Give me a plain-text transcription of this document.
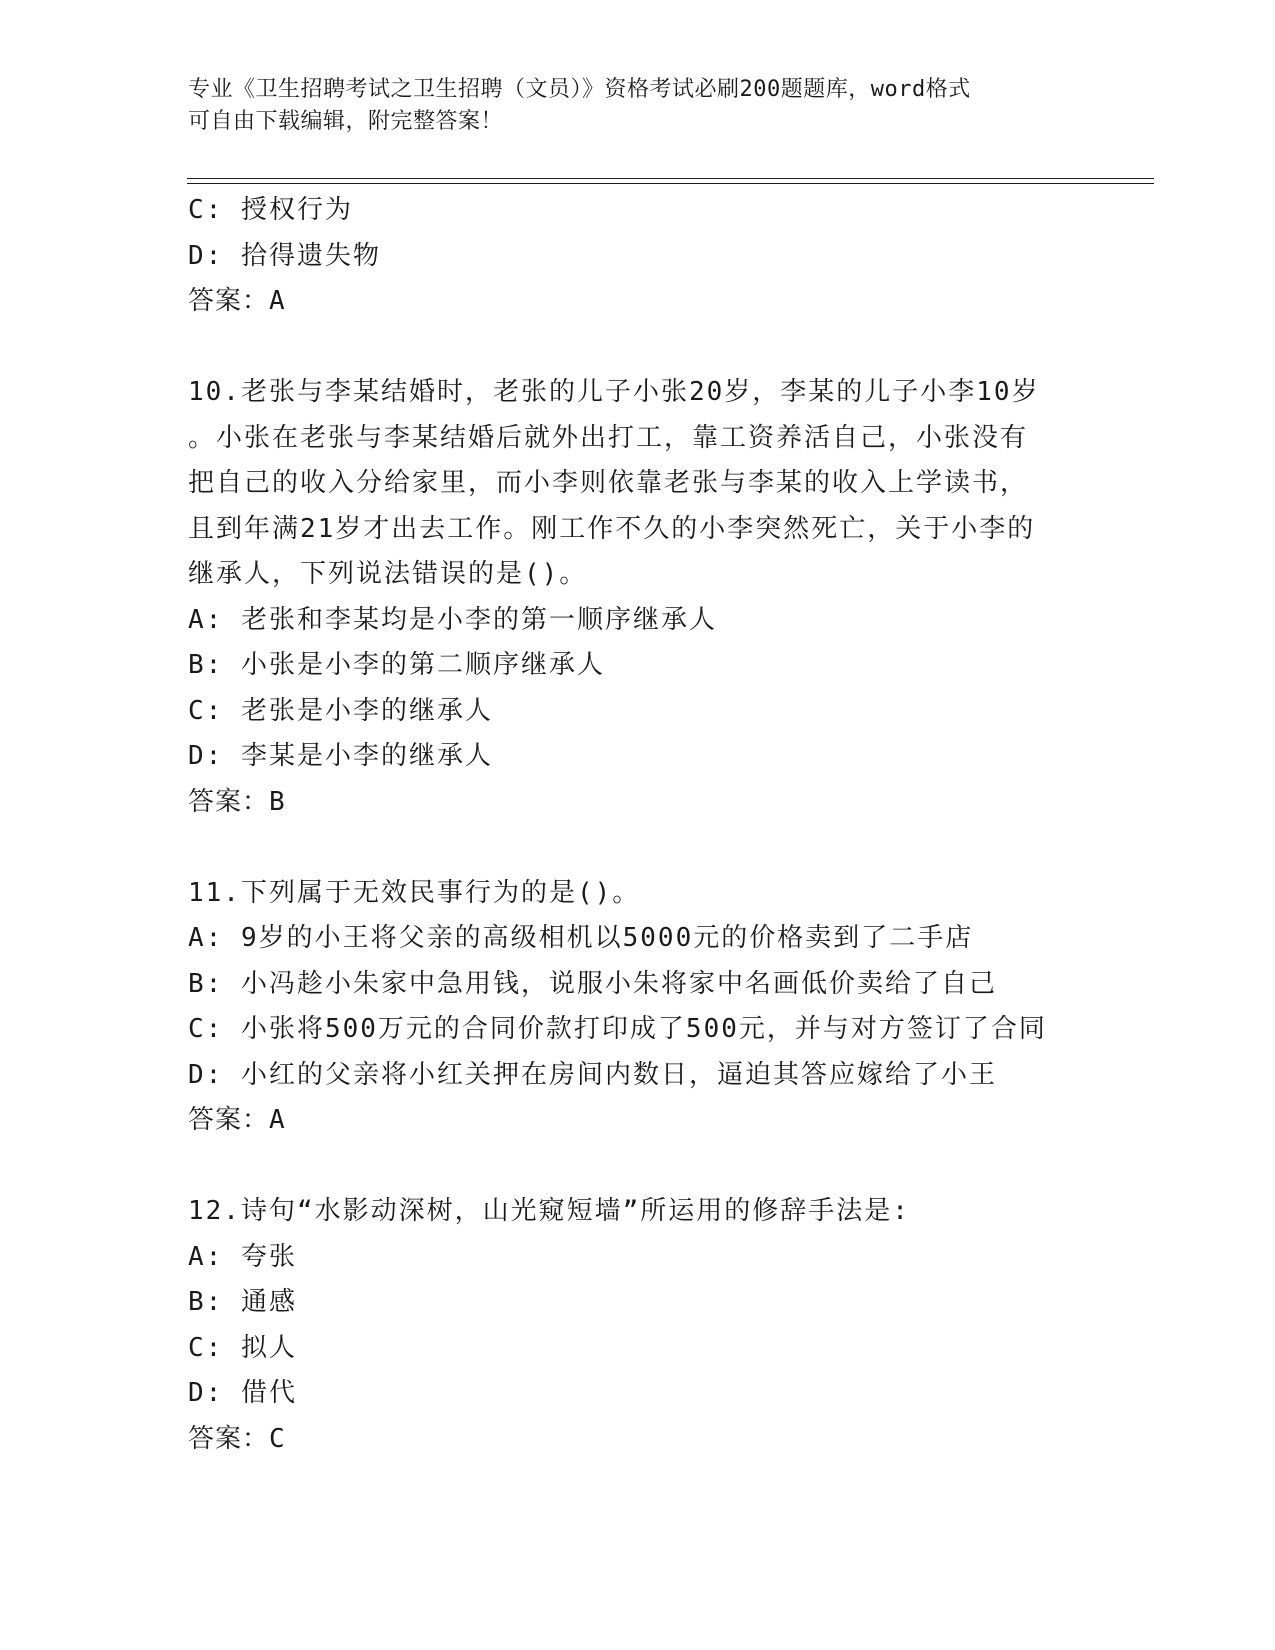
专业《卫生招聘考试之卫生招聘（文员）》资格考试必刷200题题库，word格式
可自由下载编辑，附完整答案！
C: 授权行为
D: 拾得遗失物
答案：A
10.老张与李某结婚时，老张的儿子小张20岁，李某的儿子小李10岁
。小张在老张与李某结婚后就外出打工，靠工资养活自己，小张没有
把自己的收入分给家里，而小李则依靠老张与李某的收入上学读书，
且到年满21岁才出去工作。刚工作不久的小李突然死亡，关于小李的
继承人，下列说法错误的是()。
A: 老张和李某均是小李的第一顺序继承人
B: 小张是小李的第二顺序继承人
C: 老张是小李的继承人
D: 李某是小李的继承人
答案：B
11.下列属于无效民事行为的是()。
A: 9岁的小王将父亲的高级相机以5000元的价格卖到了二手店
B: 小冯趁小朱家中急用钱，说服小朱将家中名画低价卖给了自己
C: 小张将500万元的合同价款打印成了500元，并与对方签订了合同
D: 小红的父亲将小红关押在房间内数日，逼迫其答应嫁给了小王
答案：A
12.诗句“水影动深树，山光窥短墙”所运用的修辞手法是:
A: 夸张
B: 通感
C: 拟人
D: 借代
答案：C
